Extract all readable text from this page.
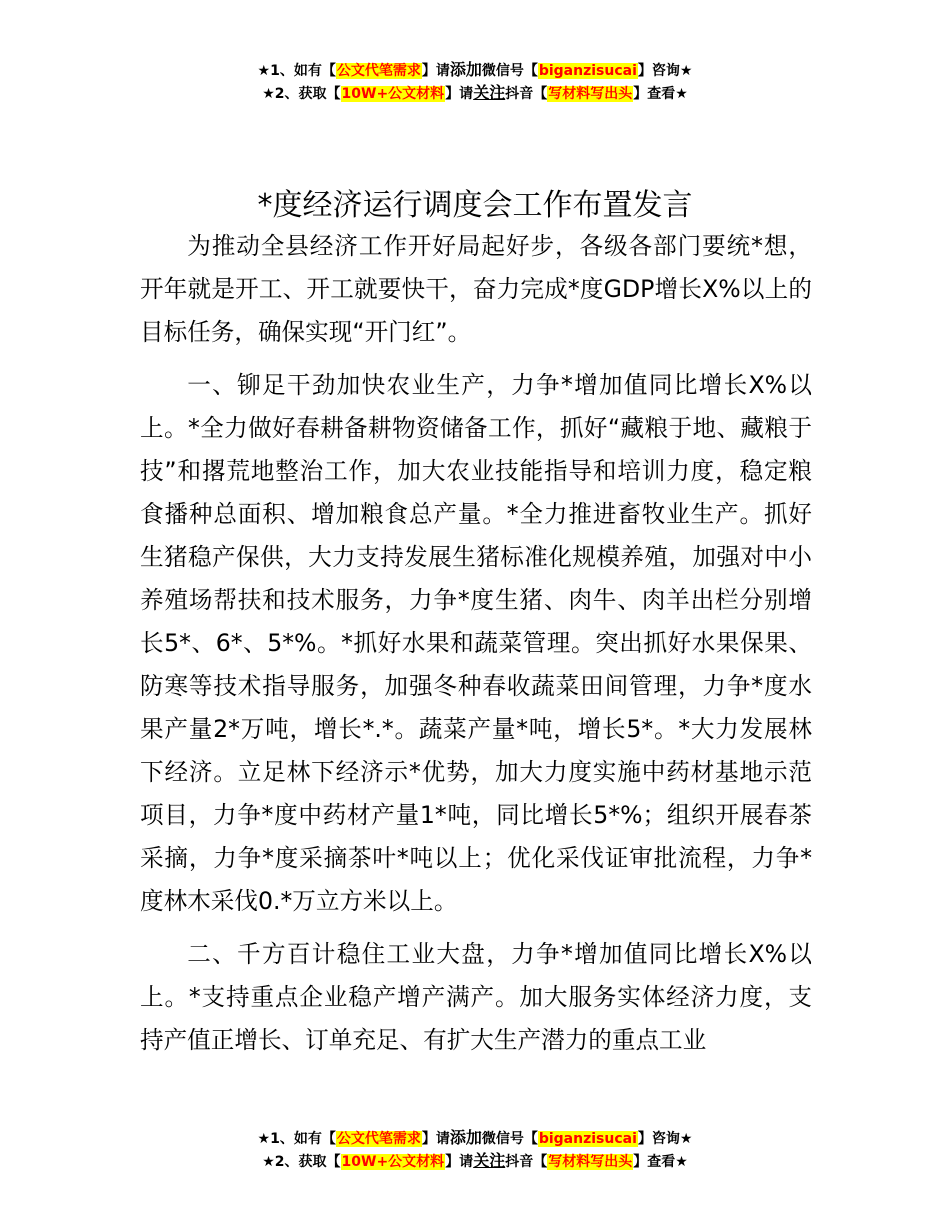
★1、如有【公文代笔需求】请添加微信号【biganzisucai】咨询★
★2、获取【10W+公文材料】请关注抖音【写材料写出头】查看★
*度经济运行调度会工作布置发言

为推动全县经济工作开好局起好步，各级各部门要统*想，开年就是开工、开工就要快干，奋力完成*度GDP增长X%以上的目标任务，确保实现“开门红”。

一、铆足干劲加快农业生产，力争*增加值同比增长X%以上。*全力做好春耕备耕物资储备工作，抓好“藏粮于地、藏粮于技”和撂荒地整治工作，加大农业技能指导和培训力度，稳定粮食播种总面积、增加粮食总产量。*全力推进畜牧业生产。抓好生猪稳产保供，大力支持发展生猪标准化规模养殖，加强对中小养殖场帮扶和技术服务，力争*度生猪、肉牛、肉羊出栏分别增长5*、6*、5*%。*抓好水果和蔬菜管理。突出抓好水果保果、防寒等技术指导服务，加强冬种春收蔬菜田间管理，力争*度水果产量2*万吨，增长*.*。蔬菜产量*吨，增长5*。*大力发展林下经济。立足林下经济示*优势，加大力度实施中药材基地示范项目，力争*度中药材产量1*吨，同比增长5*%；组织开展春茶采摘，力争*度采摘茶叶*吨以上；优化采伐证审批流程，力争*度林木采伐0.*万立方米以上。

二、千方百计稳住工业大盘，力争*增加值同比增长X%以上。*支持重点企业稳产增产满产。加大服务实体经济力度，支持产值正增长、订单充足、有扩大生产潜力的重点工业

★1、如有【公文代笔需求】请添加微信号【biganzisucai】咨询★
★2、获取【10W+公文材料】请关注抖音【写材料写出头】查看★
